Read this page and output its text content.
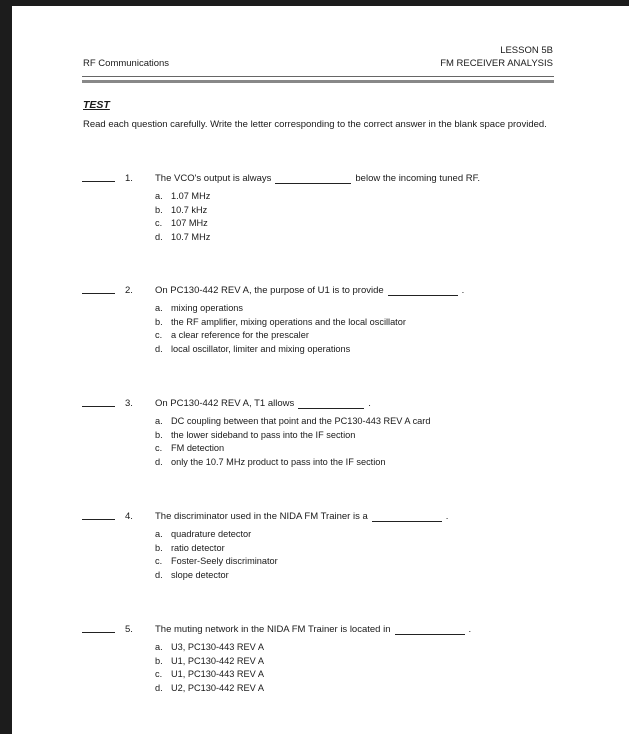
RF Communications
LESSON 5B
FM RECEIVER ANALYSIS
TEST
Read each question carefully. Write the letter corresponding to the correct answer in the blank space provided.
1. The VCO's output is always	below the incoming tuned RF.
a. 1.07 MHz
b. 10.7 kHz
c. 107 MHz
d. 10.7 MHz
2. On PC130-442 REV A, the purpose of U1 is to provide	.
a. mixing operations
b. the RF amplifier, mixing operations and the local oscillator
c. a clear reference for the prescaler
d. local oscillator, limiter and mixing operations
3. On PC130-442 REV A, T1 allows	.
a. DC coupling between that point and the PC130-443 REV A card
b. the lower sideband to pass into the IF section
c. FM detection
d. only the 10.7 MHz product to pass into the IF section
4. The discriminator used in the NIDA FM Trainer is a	.
a. quadrature detector
b. ratio detector
c. Foster-Seely discriminator
d. slope detector
5. The muting network in the NIDA FM Trainer is located in	.
a. U3, PC130-443 REV A
b. U1, PC130-442 REV A
c. U1, PC130-443 REV A
d. U2, PC130-442 REV A
